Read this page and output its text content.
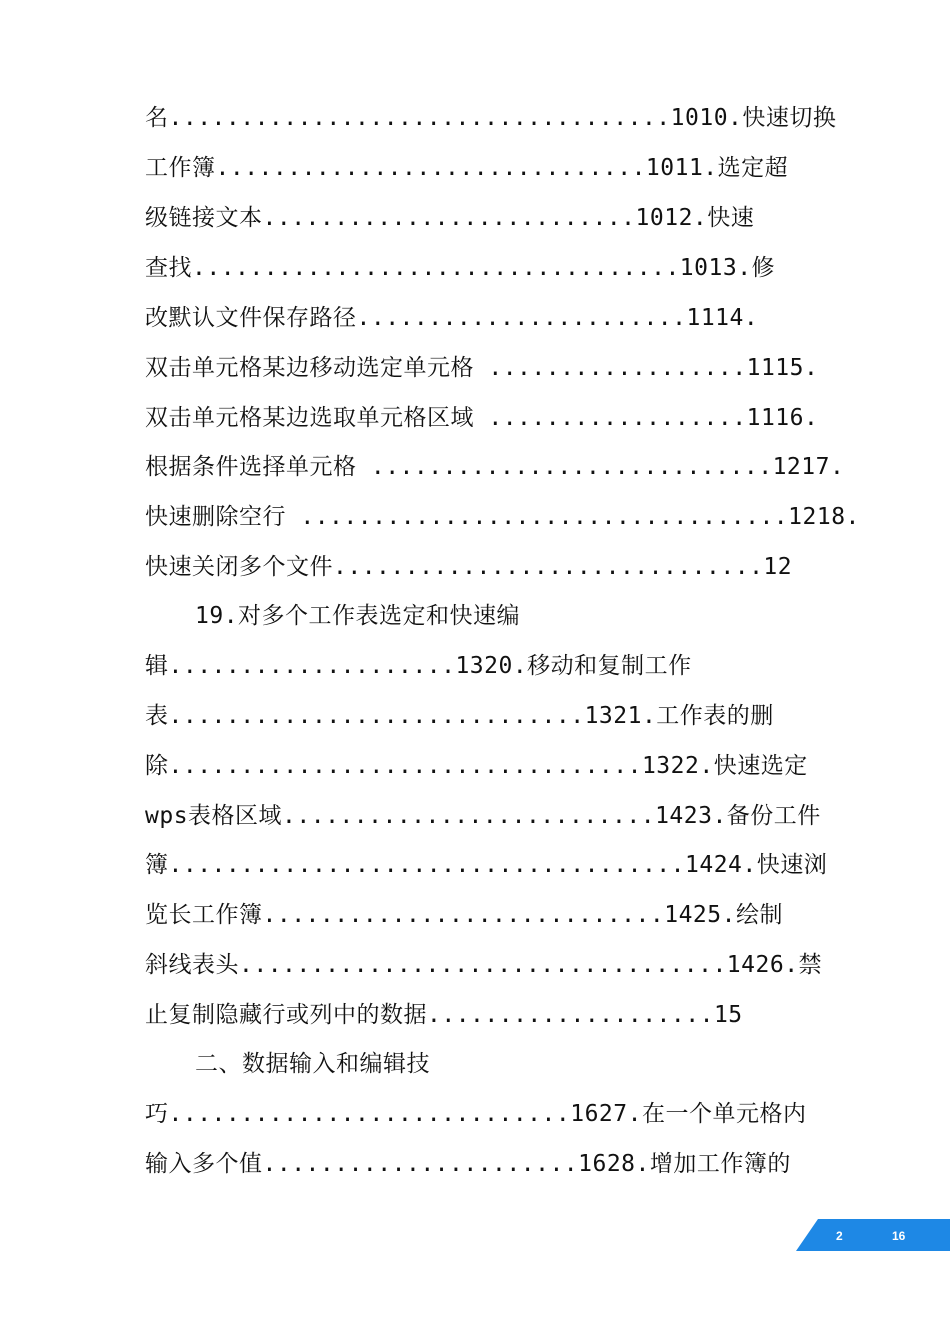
名...................................1010.快速切换
工作簿..............................1011.选定超
级链接文本..........................1012.快速
查找..................................1013.修
改默认文件保存路径.......................1114.
双击单元格某边移动选定单元格 ..................1115.
双击单元格某边选取单元格区域 ..................1116.
根据条件选择单元格 ............................1217.
快速删除空行 ..................................1218.
快速关闭多个文件..............................12
19.对多个工作表选定和快速编
辑....................1320.移动和复制工作
表.............................1321.工作表的删
除.................................1322.快速选定
wps表格区域..........................1423.备份工件
簿....................................1424.快速浏
览长工作簿............................1425.绘制
斜线表头..................................1426.禁
止复制隐藏行或列中的数据....................15
二、数据输入和编辑技
巧............................1627.在一个单元格内
输入多个值......................1628.增加工作簿的
2	16
